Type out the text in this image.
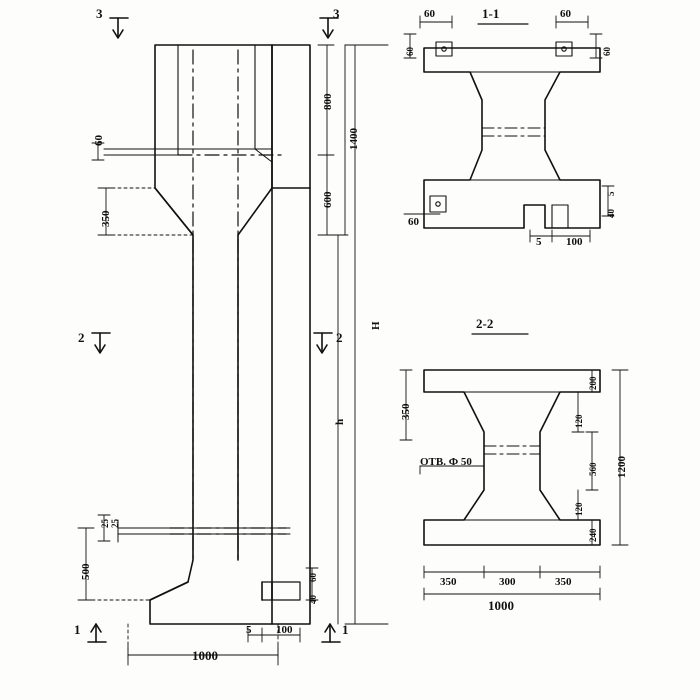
1-1
2-2
3	3
2	2
1	1
1400
800
600
H
h
350
60
500
25 25
1000
5 100
60
40
60	60
60	60
60
5 100
5
40
350
OTB. Ф 50
200
120
560
120
240
1200
350	300	350
1000
